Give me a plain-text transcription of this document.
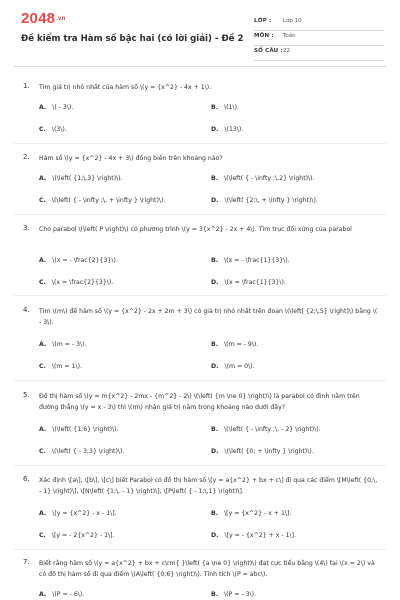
2048.vn
Đề kiểm tra Hàm số bậc hai (có lời giải) - Đề 2
LỚP : Lớp 10
MÔN : Toán
SỐ CÂU : 22
1. Tìm giá trị nhỏ nhất của hàm số \(y = {x^2} - 4x + 1\).
A. \( - 3\).	B. \(1\).
C. \(3\).	D. \(13\).
2. Hàm số \(y = {x^2} - 4x + 3\) đồng biến trên khoảng nào?
A. \(\left( {1;\,3} \right)\).	B. \(\left( { - \infty ;\,2} \right)\).
C. \(\left( { - \infty ;\, + \infty } \right)\).	D. \(\left( {2;\, + \infty } \right)\).
3. Cho parabol \(\left( P \right)\) có phương trình \(y = 3{x^2} - 2x + 4\). Tìm trục đối xứng của parabol
A. \(x = - \frac{2}{3}\).	B. \(x = - \frac{1}{3}\).
C. \(x = \frac{2}{3}\).	D. \(x = \frac{1}{3}\).
4. Tìm \(m\) để hàm số \(y = {x^2} - 2x + 2m + 3\) có giá trị nhỏ nhất trên đoạn \(\left[ {2;\,5} \right]\) bằng \( - 3\).
A. \(m = - 3\).	B. \(m = - 9\).
C. \(m = 1\).	D. \(m = 0\).
5. Đồ thị hàm số \(y = m{x^2} - 2mx - {m^2} - 2\) \(\left( {m \ne 0} \right)\) là parabol có đỉnh nằm trên đường thẳng \(y = x - 3\) thì \(m\) nhận giá trị nằm trong khoảng nào dưới đây?
A. \(\left( {1;6} \right)\).	B. \(\left( { - \infty ;\, - 2} \right)\).
C. \(\left( { - 3;3} \right)\).	D. \(\left( {0; + \infty } \right)\).
6. Xác định \[a\], \[b\], \[c\] biết Parabol có đồ thị hàm số \[y = a{x^2} + bx + c\] đi qua các điểm \[M\left( {0;\, - 1} \right)\], \[N\left( {1;\, - 1} \right)\], \[P\left( { - 1;\,1} \right)\].
A. \[y = {x^2} - x - 1\].	B. \[y = {x^2} - x + 1\].
C. \[y = - 2{x^2} - 1\].	D. \[y = - {x^2} + x - 1\].
7. Biết rằng hàm số \(y = a{x^2} + bx + c\rm{ }\left( {a \ne 0} \right)\) đạt cực tiểu bằng \(4\) tại \(x = 2\) và có đồ thị hàm số đi qua điểm \(A\left( {0;6} \right)\). Tính tích \(P = abc\).
A. \(P = - 6\).	B. \(P = - 3\).
